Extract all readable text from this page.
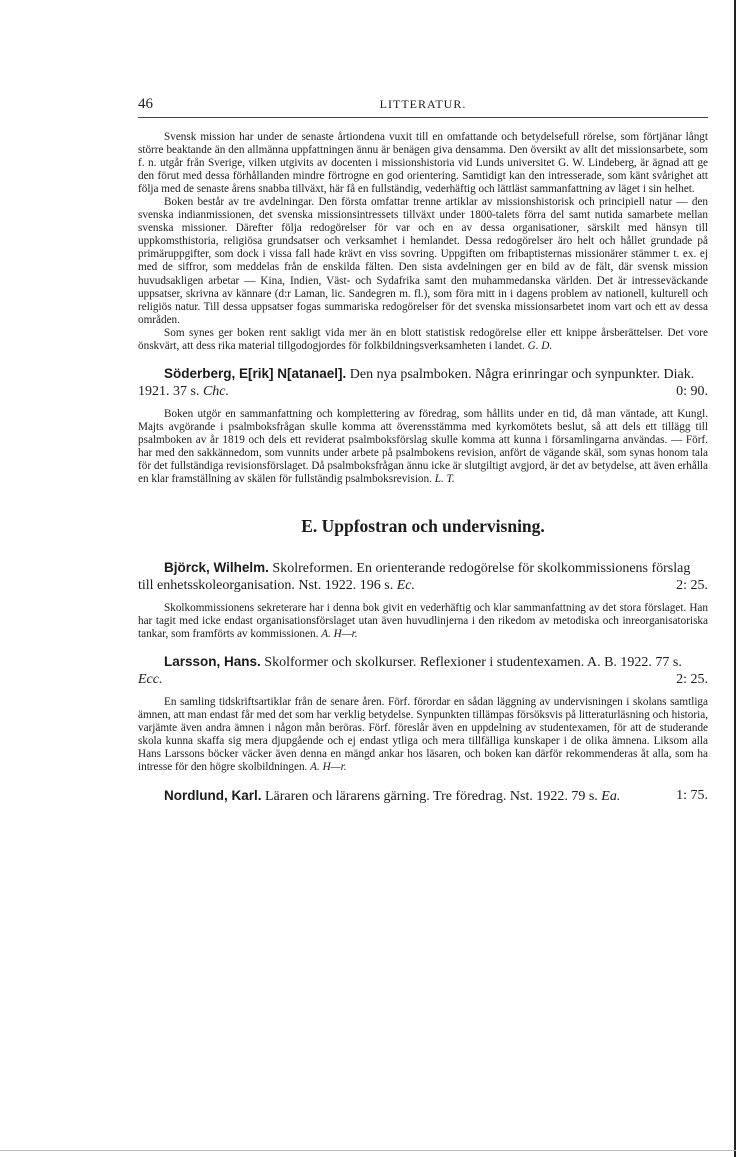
46	LITTERATUR.

Svensk mission har under de senaste årtiondena vuxit till en omfattande och betydelsefull rörelse, som förtjänar långt större beaktande än den allmänna uppfattningen ännu är benägen giva densamma. Den översikt av allt det missionsarbete, som f. n. utgår från Sverige, vilken utgivits av docenten i missionshistoria vid Lunds universitet G. W. Lindeberg, är ägnad att ge den förut med dessa förhållanden mindre förtrogne en god orientering. Samtidigt kan den intresserade, som känt svårighet att följa med de senaste årens snabba tillväxt, här få en fullständig, vederhäftig och lättläst sammanfattning av läget i sin helhet.

Boken består av tre avdelningar. Den första omfattar trenne artiklar av missionshistorisk och principiell natur — den svenska indianmissionen, det svenska missionsintressets tillväxt under 1800-talets förra del samt nutida samarbete mellan svenska missioner. Därefter följa redogörelser för var och en av dessa organisationer, särskilt med hänsyn till uppkomsthistoria, religiösa grundsatser och verksamhet i hemlandet. Dessa redogörelser äro helt och hållet grundade på primäruppgifter, som dock i vissa fall hade krävt en viss sovring. Uppgiften om fribaptisternas missionärer stämmer t. ex. ej med de siffror, som meddelas från de enskilda fälten. Den sista avdelningen ger en bild av de fält, där svensk mission huvudsakligen arbetar — Kina, Indien, Väst- och Sydafrika samt den muhammedanska världen. Det är intresseväckande uppsatser, skrivna av kännare (d:r Laman, lic. Sandegren m. fl.), som föra mitt in i dagens problem av nationell, kulturell och religiös natur. Till dessa uppsatser fogas summariska redogörelser för det svenska missionsarbetet inom vart och ett av dessa områden.

Som synes ger boken rent sakligt vida mer än en blott statistisk redogörelse eller ett knippe årsberättelser. Det vore önskvärt, att dess rika material tillgodogjordes för folkbildningsverksamheten i landet. G. D.

Söderberg, E[rik] N[atanael]. Den nya psalmboken. Några erinringar och synpunkter. Diak. 1921. 37 s. Chc.	0: 90.

Boken utgör en sammanfattning och komplettering av föredrag, som hållits under en tid, då man väntade, att Kungl. Majts avgörande i psalmboksfrågan skulle komma att överensstämma med kyrkomötets beslut, så att dels ett tillägg till psalmboken av år 1819 och dels ett reviderat psalmboksförslag skulle komma att kunna i församlingarna användas. — Förf. har med den sakkännedom, som vunnits under arbete på psalmbokens revision, anfört de vägande skäl, som synas honom tala för det fullständiga revisionsförslaget. Då psalmboksfrågan ännu icke är slutgiltigt avgjord, är det av betydelse, att även erhålla en klar framställning av skälen för fullständig psalmboksrevision. L. T.

E. Uppfostran och undervisning.

Björck, Wilhelm. Skolreformen. En orienterande redogörelse för skolkommissionens förslag till enhetsskoleorganisation. Nst. 1922. 196 s. Ec.	2: 25.

Skolkommissionens sekreterare har i denna bok givit en vederhäftig och klar sammanfattning av det stora förslaget. Han har tagit med icke endast organisationsförslaget utan även huvudlinjerna i den rikedom av metodiska och inreorganisatoriska tankar, som framförts av kommissionen. A. H—r.

Larsson, Hans. Skolformer och skolkurser. Reflexioner i studentexamen. A. B. 1922. 77 s. Ecc.	2: 25.

En samling tidskriftsartiklar från de senare åren. Förf. förordar en sådan läggning av undervisningen i skolans samtliga ämnen, att man endast får med det som har verklig betydelse. Synpunkten tillämpas försöksvis på litteraturläsning och historia, varjämte även andra ämnen i någon mån beröras. Förf. föreslår även en uppdelning av studentexamen, för att de studerande skola kunna skaffa sig mera djupgående och ej endast ytliga och mera tillfälliga kunskaper i de olika ämnena. Liksom alla Hans Larssons böcker väcker även denna en mängd ankar hos läsaren, och boken kan därför rekommenderas åt alla, som ha intresse för den högre skolbildningen. A. H—r.

Nordlund, Karl. Läraren och lärarens gärning. Tre föredrag. Nst. 1922. 79 s. Ea.	1: 75.
